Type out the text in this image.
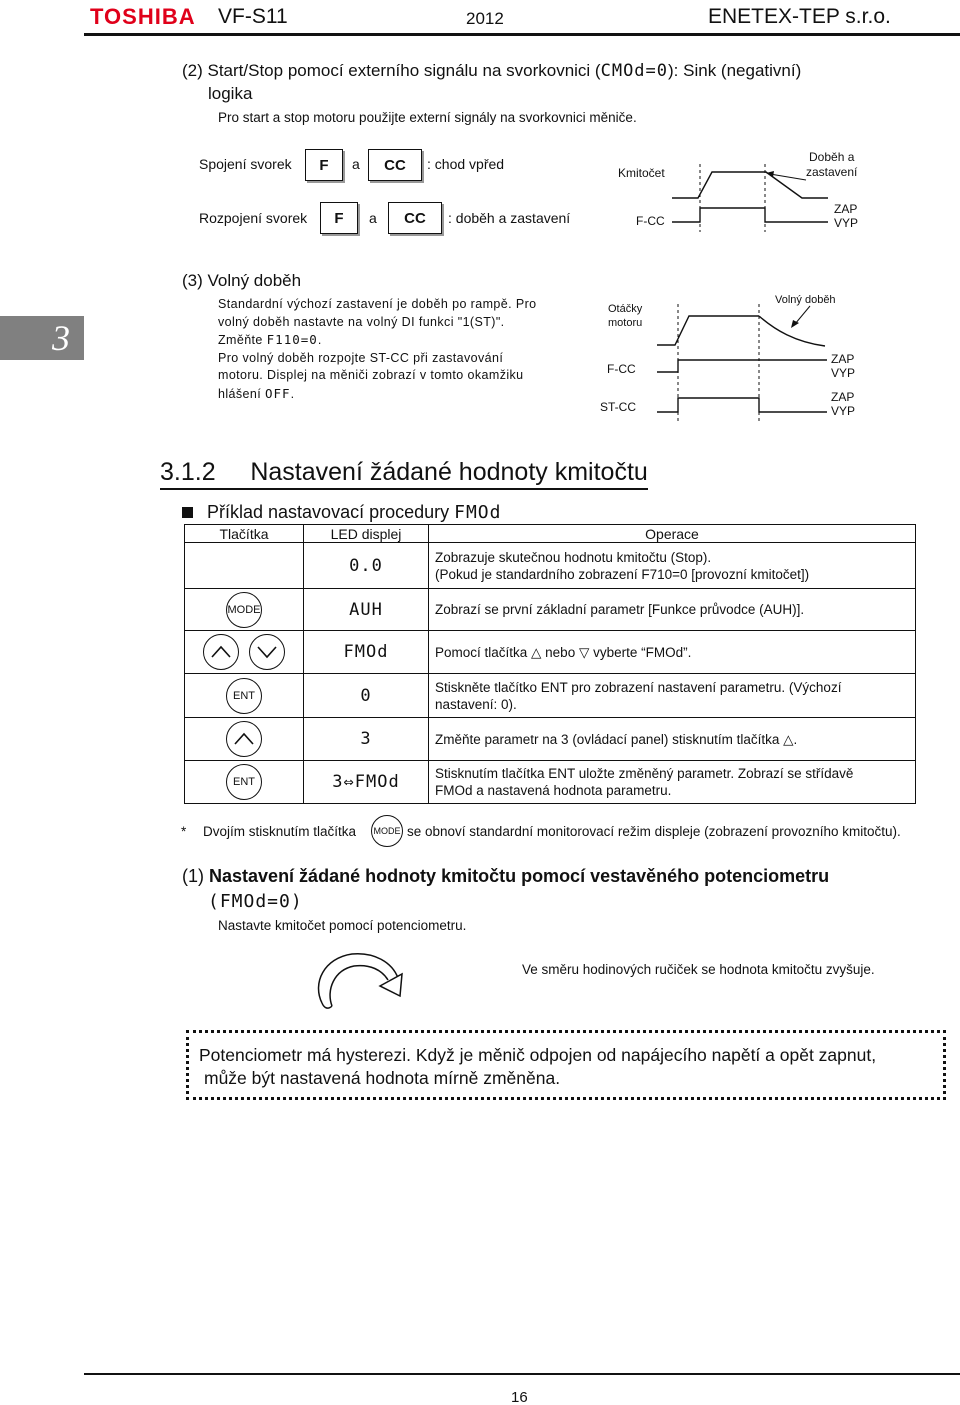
TOSHIBA VF-S11	2012	ENETEX-TEP s.r.o.
(2) Start/Stop pomocí externího signálu na svorkovnici (CMOd=0): Sink (negativní)
logika
Pro start a stop motoru použijte externí signály na svorkovnici měniče.
Spojení svorek	F	a	CC	: chod vpřed
Rozpojení svorek	F	a	CC	: doběh a zastavení
Kmitočet
Doběh a
zastavení
F-CC
ZAP
VYP
3
(3) Volný doběh
Standardní výchozí zastavení je doběh po rampě. Pro
volný doběh nastavte na volný DI funkci "1(ST)".
Změňte F110=0.
Pro volný doběh rozpojte ST-CC při zastavování
motoru. Displej na měniči zobrazí v tomto okamžiku
hlášení OFF.
Otáčky
motoru
Volný doběh
F-CC
ST-CC
ZAP
VYP
ZAP
VYP
3.1.2     Nastavení žádané hodnoty kmitočtu
Příklad nastavovací procedury FMOd
Tlačítka	LED displej	Operace
	0.0	Zobrazuje skutečnou hodnotu kmitočtu (Stop).
(Pokud je standardního zobrazení F710=0 [provozní kmitočet])

MODE	AUH	Zobrazí se první základní parametr [Funkce průvodce (AUH)].

	FMOd	Pomocí tlačítka △ nebo ▽ vyberte “FMOd”.
ENT	0	Stiskněte tlačítko ENT pro zobrazení nastavení parametru. (Výchozí
nastavení: 0).

	3	Změňte parametr na 3 (ovládací panel) stisknutím tlačítka △.
ENT	3⇔FMOd	Stisknutím tlačítka ENT uložte změněný parametr. Zobrazí se střídavě
FMOd a nastavená hodnota parametru.
* Dvojím stisknutím tlačítka MODE se obnoví standardní monitorovací režim displeje (zobrazení provozního kmitočtu).
(1) Nastavení žádané hodnoty kmitočtu pomocí vestavěného potenciometru
(FMOd=0)
Nastavte kmitočet pomocí potenciometru.
Ve směru hodinových ručiček se hodnota kmitočtu zvyšuje.
Potenciometr má hysterezi. Když je měnič odpojen od napájecího napětí a opět zapnut,
může být nastavená hodnota mírně změněna.
16
